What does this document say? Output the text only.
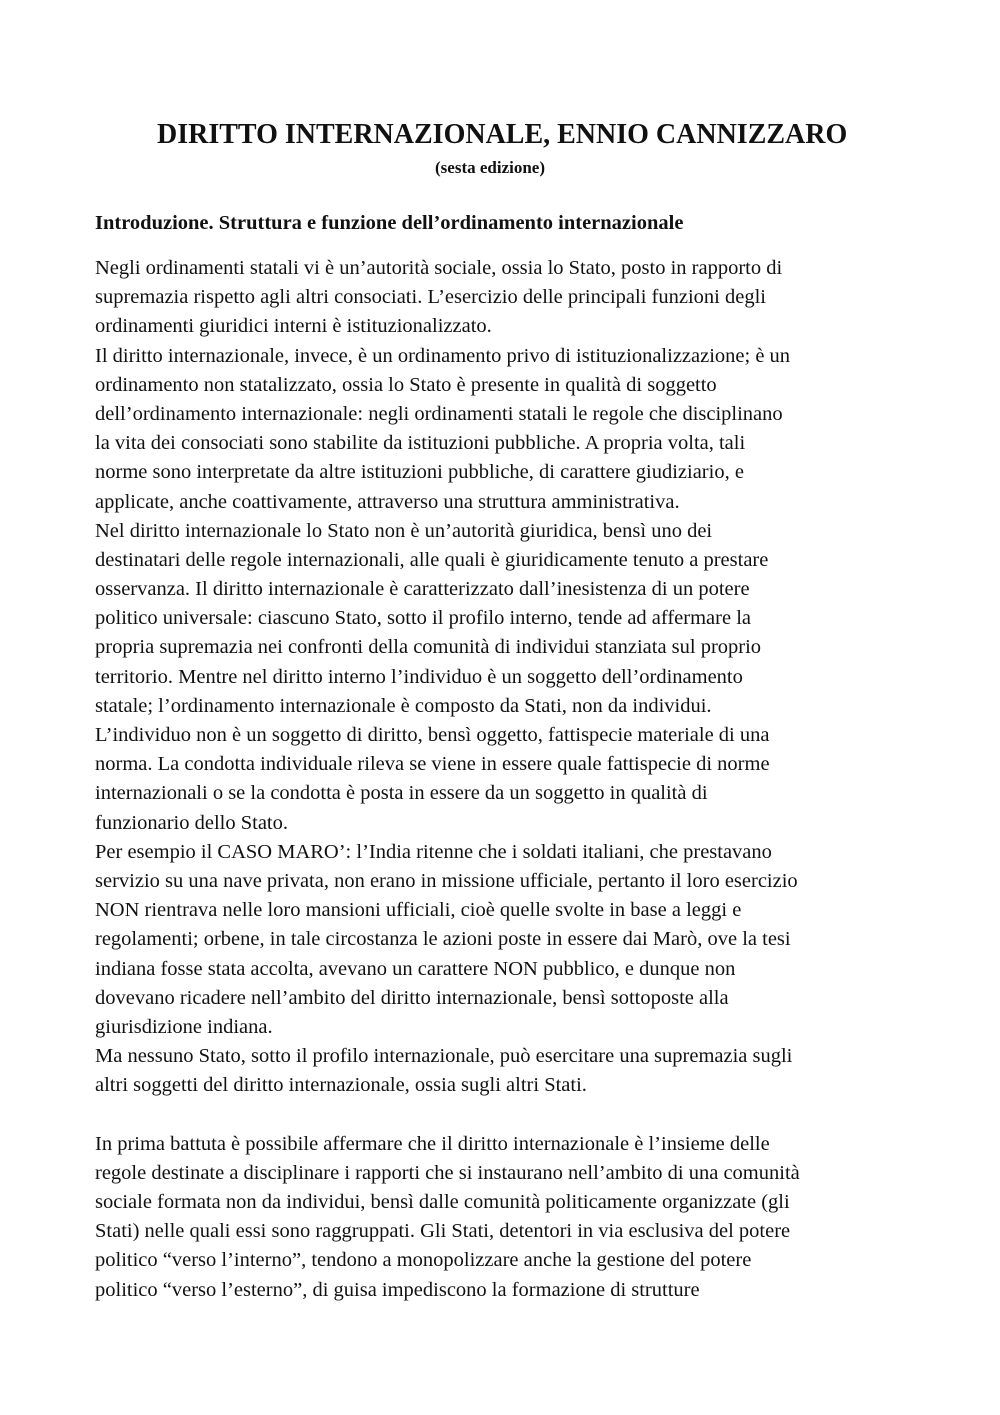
DIRITTO INTERNAZIONALE, ENNIO CANNIZZARO
(sesta edizione)
Introduzione. Struttura e funzione dell’ordinamento internazionale
Negli ordinamenti statali vi è un’autorità sociale, ossia lo Stato, posto in rapporto di
supremazia rispetto agli altri consociati. L’esercizio delle principali funzioni degli
ordinamenti giuridici interni è istituzionalizzato.
Il diritto internazionale, invece, è un ordinamento privo di istituzionalizzazione; è un
ordinamento non statalizzato, ossia lo Stato è presente in qualità di soggetto
dell’ordinamento internazionale: negli ordinamenti statali le regole che disciplinano
la vita dei consociati sono stabilite da istituzioni pubbliche. A propria volta, tali
norme sono interpretate da altre istituzioni pubbliche, di carattere giudiziario, e
applicate, anche coattivamente, attraverso una struttura amministrativa.
Nel diritto internazionale lo Stato non è un’autorità giuridica, bensì uno dei
destinatari delle regole internazionali, alle quali è giuridicamente tenuto a prestare
osservanza. Il diritto internazionale è caratterizzato dall’inesistenza di un potere
politico universale: ciascuno Stato, sotto il profilo interno, tende ad affermare la
propria supremazia nei confronti della comunità di individui stanziata sul proprio
territorio. Mentre nel diritto interno l’individuo è un soggetto dell’ordinamento
statale; l’ordinamento internazionale è composto da Stati, non da individui.
L’individuo non è un soggetto di diritto, bensì oggetto, fattispecie materiale di una
norma. La condotta individuale rileva se viene in essere quale fattispecie di norme
internazionali o se la condotta è posta in essere da un soggetto in qualità di
funzionario dello Stato.
Per esempio il CASO MARO’: l’India ritenne che i soldati italiani, che prestavano
servizio su una nave privata, non erano in missione ufficiale, pertanto il loro esercizio
NON rientrava nelle loro mansioni ufficiali, cioè quelle svolte in base a leggi e
regolamenti; orbene, in tale circostanza le azioni poste in essere dai Marò, ove la tesi
indiana fosse stata accolta, avevano un carattere NON pubblico, e dunque non
dovevano ricadere nell’ambito del diritto internazionale, bensì sottoposte alla
giurisdizione indiana.
Ma nessuno Stato, sotto il profilo internazionale, può esercitare una supremazia sugli
altri soggetti del diritto internazionale, ossia sugli altri Stati.
In prima battuta è possibile affermare che il diritto internazionale è l’insieme delle
regole destinate a disciplinare i rapporti che si instaurano nell’ambito di una comunità
sociale formata non da individui, bensì dalle comunità politicamente organizzate (gli
Stati) nelle quali essi sono raggruppati. Gli Stati, detentori in via esclusiva del potere
politico “verso l’interno”, tendono a monopolizzare anche la gestione del potere
politico “verso l’esterno”, di guisa impediscono la formazione di strutture
